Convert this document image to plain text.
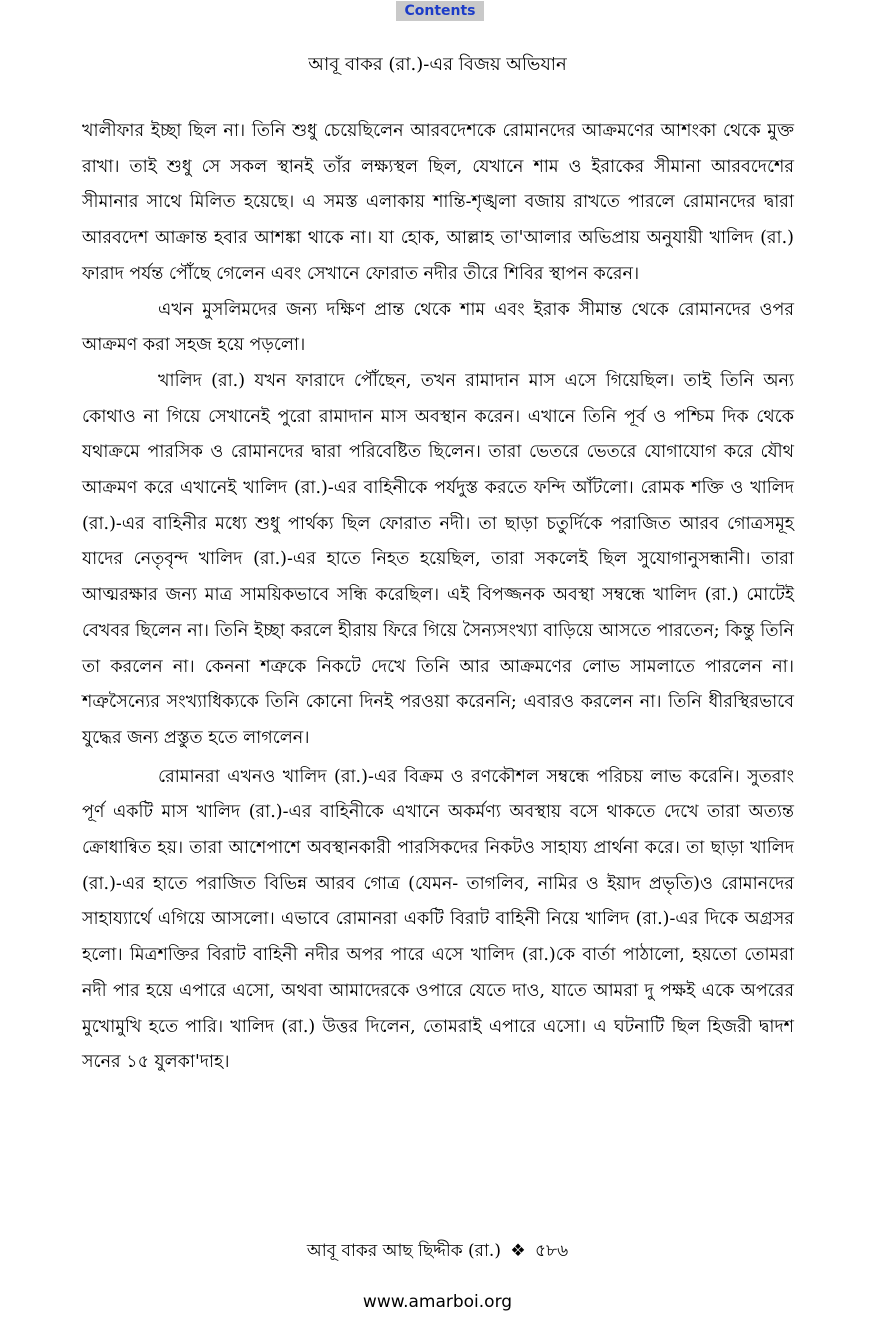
Contents
আবূ বাকর (রা.)-এর বিজয় অভিযান

খালীফার ইচ্ছা ছিল না। তিনি শুধু চেয়েছিলেন আরবদেশকে রোমানদের আক্রমণের আশংকা থেকে মুক্ত রাখা। তাই শুধু সে সকল স্থানই তাঁর লক্ষ্যস্থল ছিল, যেখানে শাম ও ইরাকের সীমানা আরবদেশের সীমানার সাথে মিলিত হয়েছে। এ সমস্ত এলাকায় শান্তি-শৃঙ্খলা বজায় রাখতে পারলে রোমানদের দ্বারা আরবদেশ আক্রান্ত হবার আশঙ্কা থাকে না। যা হোক, আল্লাহ তা'আলার অভিপ্রায় অনুযায়ী খালিদ (রা.) ফারাদ পর্যন্ত পৌঁছে গেলেন এবং সেখানে ফোরাত নদীর তীরে শিবির স্থাপন করেন।

এখন মুসলিমদের জন্য দক্ষিণ প্রান্ত থেকে শাম এবং ইরাক সীমান্ত থেকে রোমানদের ওপর আক্রমণ করা সহজ হয়ে পড়লো।

খালিদ (রা.) যখন ফারাদে পৌঁছেন, তখন রামাদান মাস এসে গিয়েছিল। তাই তিনি অন্য কোথাও না গিয়ে সেখানেই পুরো রামাদান মাস অবস্থান করেন। এখানে তিনি পূর্ব ও পশ্চিম দিক থেকে যথাক্রমে পারসিক ও রোমানদের দ্বারা পরিবেষ্টিত ছিলেন। তারা ভেতরে ভেতরে যোগাযোগ করে যৌথ আক্রমণ করে এখানেই খালিদ (রা.)-এর বাহিনীকে পর্যদুস্ত করতে ফন্দি আঁটলো। রোমক শক্তি ও খালিদ (রা.)-এর বাহিনীর মধ্যে শুধু পার্থক্য ছিল ফোরাত নদী। তা ছাড়া চতুর্দিকে পরাজিত আরব গোত্রসমূহ যাদের নেতৃবৃন্দ খালিদ (রা.)-এর হাতে নিহত হয়েছিল, তারা সকলেই ছিল সুযোগানুসন্ধানী। তারা আত্মরক্ষার জন্য মাত্র সাময়িকভাবে সন্ধি করেছিল। এই বিপজ্জনক অবস্থা সম্বন্ধে খালিদ (রা.) মোটেই বেখবর ছিলেন না। তিনি ইচ্ছা করলে হীরায় ফিরে গিয়ে সৈন্যসংখ্যা বাড়িয়ে আসতে পারতেন; কিন্তু তিনি তা করলেন না। কেননা শত্রুকে নিকটে দেখে তিনি আর আক্রমণের লোভ সামলাতে পারলেন না। শত্রুসৈন্যের সংখ্যাধিক্যকে তিনি কোনো দিনই পরওয়া করেননি; এবারও করলেন না। তিনি ধীরস্থিরভাবে যুদ্ধের জন্য প্রস্তুত হতে লাগলেন।

রোমানরা এখনও খালিদ (রা.)-এর বিক্রম ও রণকৌশল সম্বন্ধে পরিচয় লাভ করেনি। সুতরাং পূর্ণ একটি মাস খালিদ (রা.)-এর বাহিনীকে এখানে অকর্মণ্য অবস্থায় বসে থাকতে দেখে তারা অত্যন্ত ক্রোধান্বিত হয়। তারা আশেপাশে অবস্থানকারী পারসিকদের নিকটও সাহায্য প্রার্থনা করে। তা ছাড়া খালিদ (রা.)-এর হাতে পরাজিত বিভিন্ন আরব গোত্র (যেমন- তাগলিব, নামির ও ইয়াদ প্রভৃতি)ও রোমানদের সাহায্যার্থে এগিয়ে আসলো। এভাবে রোমানরা একটি বিরাট বাহিনী নিয়ে খালিদ (রা.)-এর দিকে অগ্রসর হলো। মিত্রশক্তির বিরাট বাহিনী নদীর অপর পারে এসে খালিদ (রা.)কে বার্তা পাঠালো, হয়তো তোমরা নদী পার হয়ে এপারে এসো, অথবা আমাদেরকে ওপারে যেতে দাও, যাতে আমরা দু পক্ষই একে অপরের মুখোমুখি হতে পারি। খালিদ (রা.) উত্তর দিলেন, তোমরাই এপারে এসো। এ ঘটনাটি ছিল হিজরী দ্বাদশ সনের ১৫ যুলকা'দাহ।

আবূ বাকর আছ ছিদ্দীক (রা.) ❖ ৫৮৬
www.amarboi.org
